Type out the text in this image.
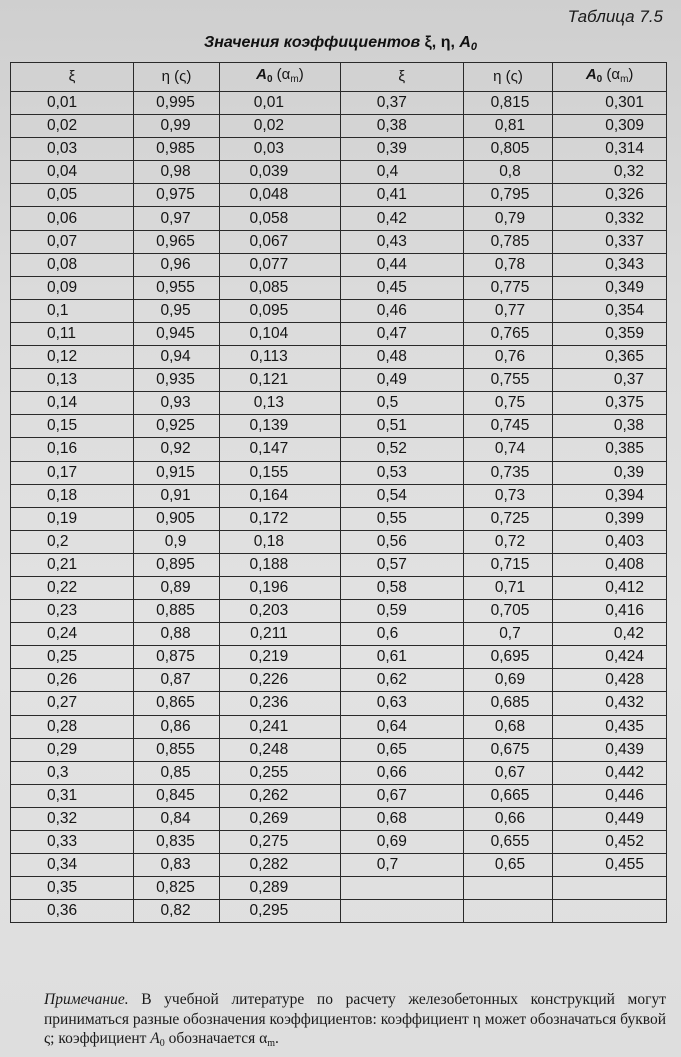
Таблица 7.5
Значения коэффициентов ξ, η, $A_0$
ξ	η (ς)	$A_0$ $(\alpha_m)$	ξ	η (ς)	$A_0$ $(\alpha_m)$
0,01	0,995	0,01	0,37	0,815	0,301
0,02	0,99	0,02	0,38	0,81	0,309
0,03	0,985	0,03	0,39	0,805	0,314
0,04	0,98	0,039	0,4	0,8	0,32
0,05	0,975	0,048	0,41	0,795	0,326
0,06	0,97	0,058	0,42	0,79	0,332
0,07	0,965	0,067	0,43	0,785	0,337
0,08	0,96	0,077	0,44	0,78	0,343
0,09	0,955	0,085	0,45	0,775	0,349
0,1	0,95	0,095	0,46	0,77	0,354
0,11	0,945	0,104	0,47	0,765	0,359
0,12	0,94	0,113	0,48	0,76	0,365
0,13	0,935	0,121	0,49	0,755	0,37
0,14	0,93	0,13	0,5	0,75	0,375
0,15	0,925	0,139	0,51	0,745	0,38
0,16	0,92	0,147	0,52	0,74	0,385
0,17	0,915	0,155	0,53	0,735	0,39
0,18	0,91	0,164	0,54	0,73	0,394
0,19	0,905	0,172	0,55	0,725	0,399
0,2	0,9	0,18	0,56	0,72	0,403
0,21	0,895	0,188	0,57	0,715	0,408
0,22	0,89	0,196	0,58	0,71	0,412
0,23	0,885	0,203	0,59	0,705	0,416
0,24	0,88	0,211	0,6	0,7	0,42
0,25	0,875	0,219	0,61	0,695	0,424
0,26	0,87	0,226	0,62	0,69	0,428
0,27	0,865	0,236	0,63	0,685	0,432
0,28	0,86	0,241	0,64	0,68	0,435
0,29	0,855	0,248	0,65	0,675	0,439
0,3	0,85	0,255	0,66	0,67	0,442
0,31	0,845	0,262	0,67	0,665	0,446
0,32	0,84	0,269	0,68	0,66	0,449
0,33	0,835	0,275	0,69	0,655	0,452
0,34	0,83	0,282	0,7	0,65	0,455
0,35	0,825	0,289			
0,36	0,82	0,295			
Примечание. В учебной литературе по расчету железобетонных конструкций могут приниматься разные обозначения коэффициентов: коэффициент η может обозначаться буквой ς; коэффициент $A_0$ обозначается $\alpha_m$.
